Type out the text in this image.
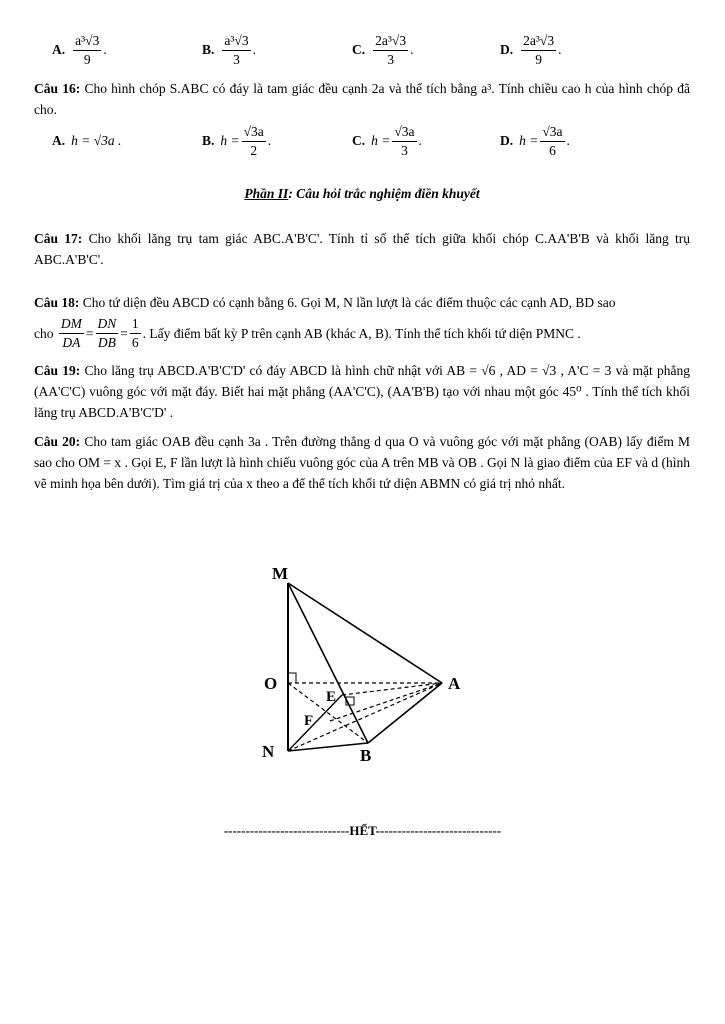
A. $\frac{\text{a³√3}}{9}$ .	B. $\frac{\text{a³√3}}{3}$ .	C. $\frac{\text{2a³√3}}{3}$ .	D. $\frac{\text{2a³√3}}{9}$ .
Câu 16: Cho hình chóp S.ABC có đáy là tam giác đều cạnh 2a và thể tích bằng a³. Tính chiều cao h của hình chóp đã cho.
A. h = √3a .	B. $h = \frac{√3a}{2}$ .	C. $h = \frac{√3a}{3}$ .	D. $h = \frac{√3a}{6}$ .
Phần II: Câu hỏi trắc nghiệm điền khuyết
Câu 17: Cho khối lăng trụ tam giác ABC.A'B'C'. Tính tỉ số thể tích giữa khối chóp C.AA'B'B và khối lăng trụ ABC.A'B'C'.
Câu 18: Cho tứ diện đều ABCD có cạnh bằng 6. Gọi M, N lần lượt là các điểm thuộc các cạnh AD, BD sao
cho
$\frac{DM}{DA} = \frac{DN}{DB} = \frac{1}{6}$ . Lấy điểm bất kỳ P trên cạnh AB (khác A, B). Tính thể tích khối tứ diện PMNC .
Câu 19: Cho lăng trụ ABCD.A'B'C'D' có đáy ABCD là hình chữ nhật với AB = √6 , AD = √3 , A'C = 3 và mặt phẳng (AA'C'C) vuông góc với mặt đáy. Biết hai mặt phẳng (AA'C'C), (AA'B'B) tạo với nhau một góc 45⁰ . Tính thể tích khối lăng trụ ABCD.A'B'C'D' .
Câu 20: Cho tam giác OAB đều cạnh 3a . Trên đường thẳng d qua O và vuông góc với mặt phẳng (OAB) lấy điểm M sao cho OM = x . Gọi E, F lần lượt là hình chiếu vuông góc của A trên MB và OB . Gọi N là giao điểm của EF và d (hình vẽ minh họa bên dưới). Tìm giá trị của x theo a để thể tích khối tứ diện ABMN có giá trị nhỏ nhất.
M
O
E
F
A
N	B
-----------------------------HẾT-----------------------------
